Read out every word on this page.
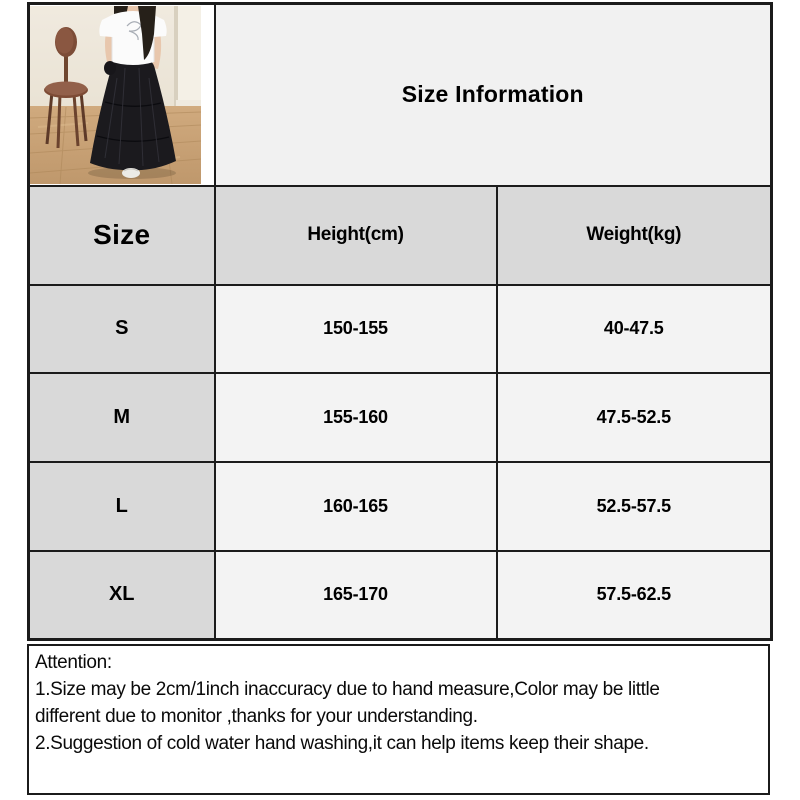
	Size Information	
Size	Height(cm)	Weight(kg)
S	150-155	40-47.5
M	155-160	47.5-52.5
L	160-165	52.5-57.5
XL	165-170	57.5-62.5
Attention:
1.Size may be 2cm/1inch inaccuracy due to hand measure,Color may be little
different due to monitor ,thanks for your understanding.
2.Suggestion of cold water hand washing,it can help items keep their shape.
